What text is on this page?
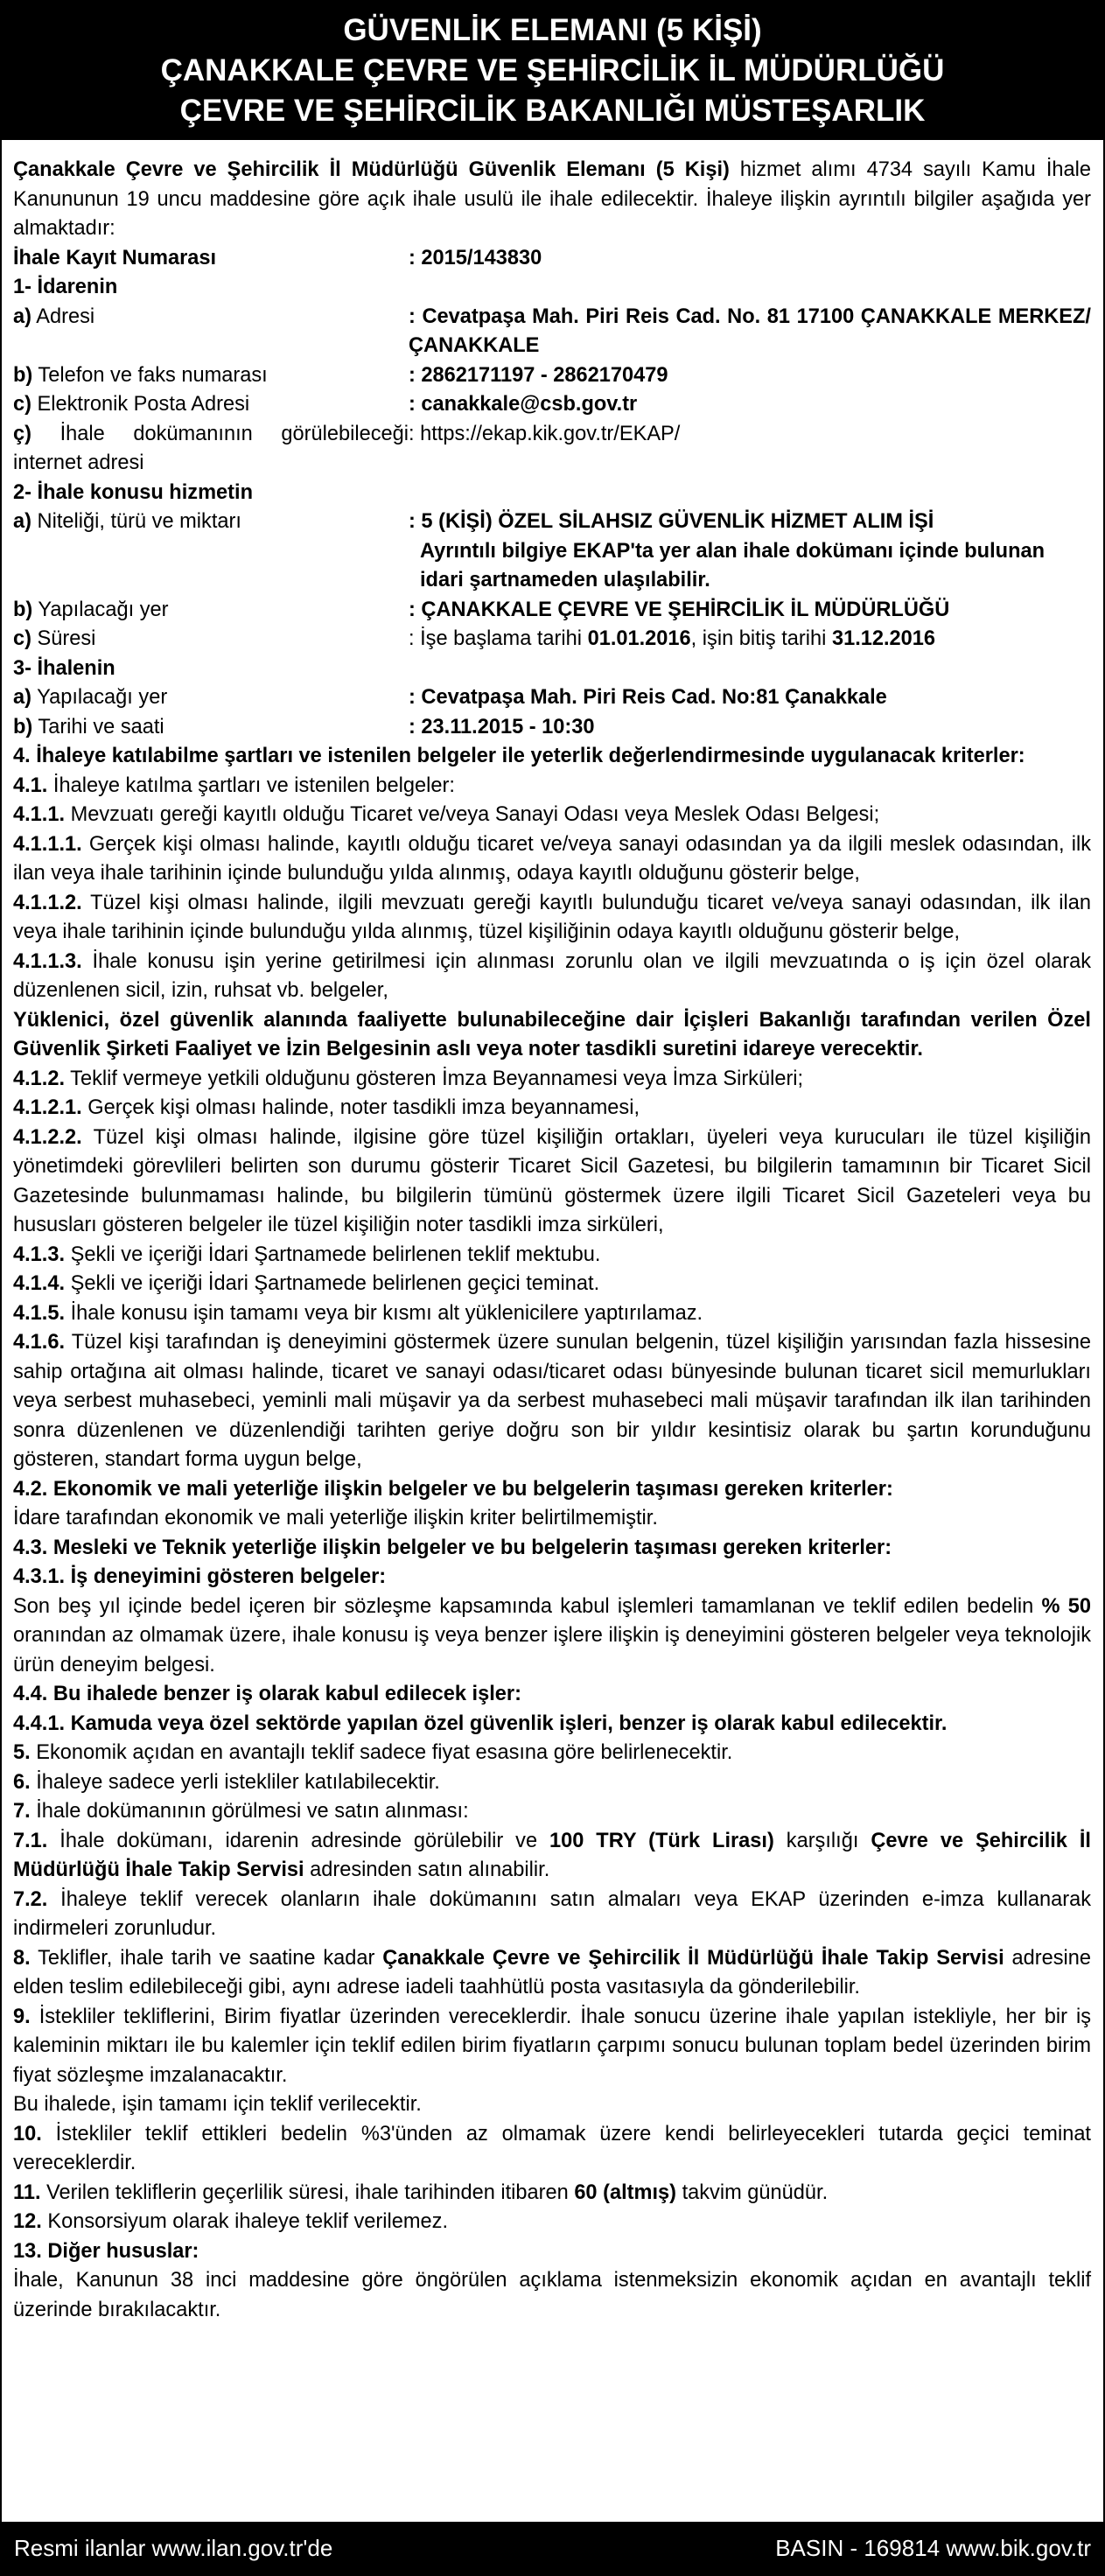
GÜVENLİK ELEMANI (5 KİŞİ)
ÇANAKKALE ÇEVRE VE ŞEHİRCİLİK İL MÜDÜRLÜĞÜ
ÇEVRE VE ŞEHİRCİLİK BAKANLIĞI MÜSTEŞARLIK

Çanakkale Çevre ve Şehircilik İl Müdürlüğü Güvenlik Elemanı (5 Kişi) hizmet alımı 4734 sayılı Kamu İhale Kanununun 19 uncu maddesine göre açık ihale usulü ile ihale edilecektir. İhaleye ilişkin ayrıntılı bilgiler aşağıda yer almaktadır:

İhale Kayıt Numarası	: 2015/143830

1- İdarenin

a) Adresi	: Cevatpaşa Mah. Piri Reis Cad. No. 81 17100 ÇANAKKALE MERKEZ/ÇANAKKALE
b) Telefon ve faks numarası	: 2862171197 - 2862170479
c) Elektronik Posta Adresi	: canakkale@csb.gov.tr
ç) İhale dokümanının görülebileceği internet adresi
: https://ekap.kik.gov.tr/EKAP/

2- İhale konusu hizmetin

a) Niteliği, türü ve miktarı	: 5 (KİŞİ) ÖZEL SİLAHSIZ GÜVENLİK HİZMET ALIM İŞİ
Ayrıntılı bilgiye EKAP'ta yer alan ihale dokümanı içinde bulunan idari şartnameden ulaşılabilir.
b) Yapılacağı yer	: ÇANAKKALE ÇEVRE VE ŞEHİRCİLİK İL MÜDÜRLÜĞÜ
c) Süresi	: İşe başlama tarihi 01.01.2016, işin bitiş tarihi 31.12.2016

3- İhalenin

a) Yapılacağı yer	: Cevatpaşa Mah. Piri Reis Cad. No:81 Çanakkale
b) Tarihi ve saati	: 23.11.2015 - 10:30

4. İhaleye katılabilme şartları ve istenilen belgeler ile yeterlik değerlendirmesinde uygulanacak kriterler:

4.1. İhaleye katılma şartları ve istenilen belgeler:

4.1.1. Mevzuatı gereği kayıtlı olduğu Ticaret ve/veya Sanayi Odası veya Meslek Odası Belgesi;

4.1.1.1. Gerçek kişi olması halinde, kayıtlı olduğu ticaret ve/veya sanayi odasından ya da ilgili meslek odasından, ilk ilan veya ihale tarihinin içinde bulunduğu yılda alınmış, odaya kayıtlı olduğunu gösterir belge,

4.1.1.2. Tüzel kişi olması halinde, ilgili mevzuatı gereği kayıtlı bulunduğu ticaret ve/veya sanayi odasından, ilk ilan veya ihale tarihinin içinde bulunduğu yılda alınmış, tüzel kişiliğinin odaya kayıtlı olduğunu gösterir belge,

4.1.1.3. İhale konusu işin yerine getirilmesi için alınması zorunlu olan ve ilgili mevzuatında o iş için özel olarak düzenlenen sicil, izin, ruhsat vb. belgeler,

Yüklenici, özel güvenlik alanında faaliyette bulunabileceğine dair İçişleri Bakanlığı tarafından verilen Özel Güvenlik Şirketi Faaliyet ve İzin Belgesinin aslı veya noter tasdikli suretini idareye verecektir.

4.1.2. Teklif vermeye yetkili olduğunu gösteren İmza Beyannamesi veya İmza Sirküleri;

4.1.2.1. Gerçek kişi olması halinde, noter tasdikli imza beyannamesi,

4.1.2.2. Tüzel kişi olması halinde, ilgisine göre tüzel kişiliğin ortakları, üyeleri veya kurucuları ile tüzel kişiliğin yönetimdeki görevlileri belirten son durumu gösterir Ticaret Sicil Gazetesi, bu bilgilerin tamamının bir Ticaret Sicil Gazetesinde bulunmaması halinde, bu bilgilerin tümünü göstermek üzere ilgili Ticaret Sicil Gazeteleri veya bu hususları gösteren belgeler ile tüzel kişiliğin noter tasdikli imza sirküleri,

4.1.3. Şekli ve içeriği İdari Şartnamede belirlenen teklif mektubu.

4.1.4. Şekli ve içeriği İdari Şartnamede belirlenen geçici teminat.

4.1.5. İhale konusu işin tamamı veya bir kısmı alt yüklenicilere yaptırılamaz.

4.1.6. Tüzel kişi tarafından iş deneyimini göstermek üzere sunulan belgenin, tüzel kişiliğin yarısından fazla hissesine sahip ortağına ait olması halinde, ticaret ve sanayi odası/ticaret odası bünyesinde bulunan ticaret sicil memurlukları veya serbest muhasebeci, yeminli mali müşavir ya da serbest muhasebeci mali müşavir tarafından ilk ilan tarihinden sonra düzenlenen ve düzenlendiği tarihten geriye doğru son bir yıldır kesintisiz olarak bu şartın korunduğunu gösteren, standart forma uygun belge,

4.2. Ekonomik ve mali yeterliğe ilişkin belgeler ve bu belgelerin taşıması gereken kriterler:

İdare tarafından ekonomik ve mali yeterliğe ilişkin kriter belirtilmemiştir.

4.3. Mesleki ve Teknik yeterliğe ilişkin belgeler ve bu belgelerin taşıması gereken kriterler:

4.3.1. İş deneyimini gösteren belgeler:

Son beş yıl içinde bedel içeren bir sözleşme kapsamında kabul işlemleri tamamlanan ve teklif edilen bedelin % 50 oranından az olmamak üzere, ihale konusu iş veya benzer işlere ilişkin iş deneyimini gösteren belgeler veya teknolojik ürün deneyim belgesi.

4.4. Bu ihalede benzer iş olarak kabul edilecek işler:

4.4.1. Kamuda veya özel sektörde yapılan özel güvenlik işleri, benzer iş olarak kabul edilecektir.

5. Ekonomik açıdan en avantajlı teklif sadece fiyat esasına göre belirlenecektir.

6. İhaleye sadece yerli istekliler katılabilecektir.

7. İhale dokümanının görülmesi ve satın alınması:

7.1. İhale dokümanı, idarenin adresinde görülebilir ve 100 TRY (Türk Lirası) karşılığı Çevre ve Şehircilik İl Müdürlüğü İhale Takip Servisi adresinden satın alınabilir.

7.2. İhaleye teklif verecek olanların ihale dokümanını satın almaları veya EKAP üzerinden e-imza kullanarak indirmeleri zorunludur.

8. Teklifler, ihale tarih ve saatine kadar Çanakkale Çevre ve Şehircilik İl Müdürlüğü İhale Takip Servisi adresine elden teslim edilebileceği gibi, aynı adrese iadeli taahhütlü posta vasıtasıyla da gönderilebilir.

9. İstekliler tekliflerini, Birim fiyatlar üzerinden vereceklerdir. İhale sonucu üzerine ihale yapılan istekliyle, her bir iş kaleminin miktarı ile bu kalemler için teklif edilen birim fiyatların çarpımı sonucu bulunan toplam bedel üzerinden birim fiyat sözleşme imzalanacaktır.

Bu ihalede, işin tamamı için teklif verilecektir.

10. İstekliler teklif ettikleri bedelin %3'ünden az olmamak üzere kendi belirleyecekleri tutarda geçici teminat vereceklerdir.

11. Verilen tekliflerin geçerlilik süresi, ihale tarihinden itibaren 60 (altmış) takvim günüdür.

12. Konsorsiyum olarak ihaleye teklif verilemez.

13. Diğer hususlar:

İhale, Kanunun 38 inci maddesine göre öngörülen açıklama istenmeksizin ekonomik açıdan en avantajlı teklif üzerinde bırakılacaktır.

Resmi ilanlar www.ilan.gov.tr'de	BASIN - 169814 www.bik.gov.tr
